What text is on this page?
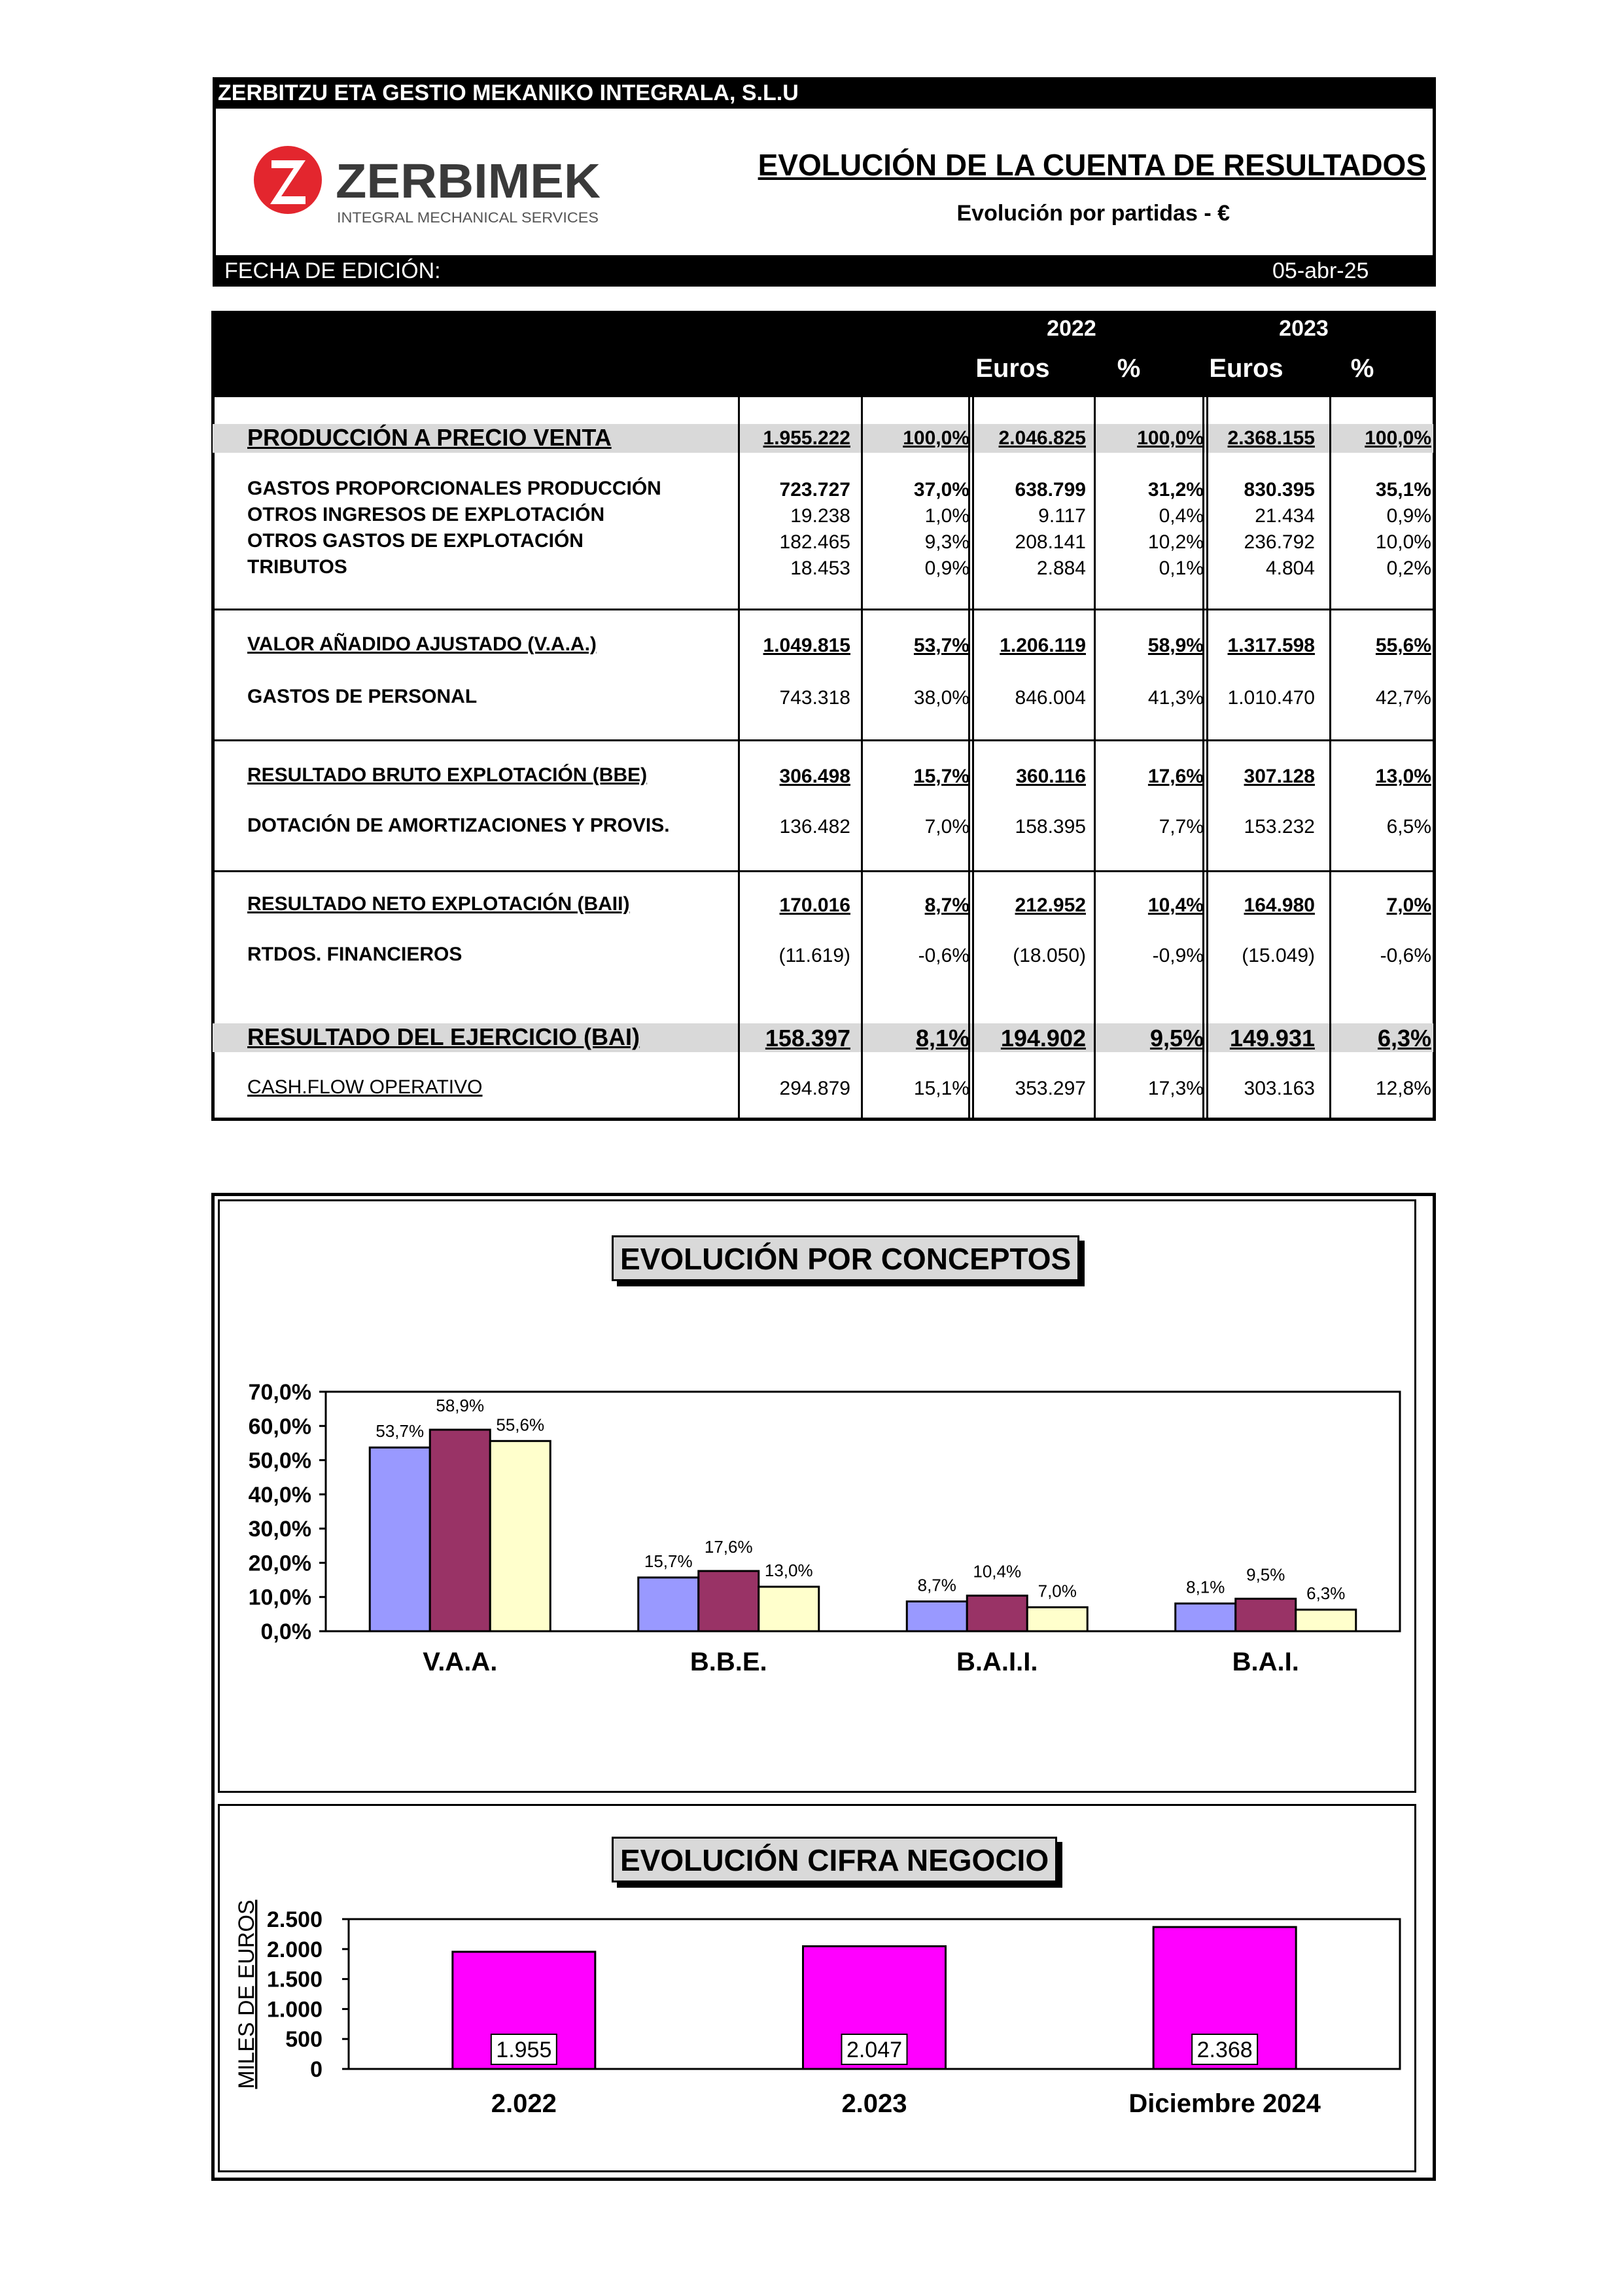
ZERBITZU ETA GESTIO MEKANIKO INTEGRALA, S.L.U
ZERBIMEK
INTEGRAL MECHANICAL SERVICES
EVOLUCIÓN DE LA CUENTA DE RESULTADOS
Evolución por partidas - €
FECHA DE EDICIÓN:	05-abr-25
2022	2023	Diciembre 2024
Euros	%	Euros	%	Euros	%
PRODUCCIÓN A PRECIO VENTA	1.955.222	100,0% 2.046.825	100,0% 2.368.155	100,0%
GASTOS PROPORCIONALES PRODUCCIÓN	723.727	37,0% 638.799	31,2% 830.395	35,1%
OTROS INGRESOS DE EXPLOTACIÓN	19.238	1,0%	9.117	0,4%	21.434	0,9%
OTROS GASTOS DE EXPLOTACIÓN	182.465	9,3% 208.141	10,2% 236.792	10,0%
TRIBUTOS	18.453	0,9%	2.884	0,1%	4.804	0,2%
VALOR AÑADIDO AJUSTADO (V.A.A.)	1.049.815	53,7% 1.206.119	58,9% 1.317.598	55,6%
GASTOS DE PERSONAL	743.318	38,0% 846.004	41,3% 1.010.470	42,7%
RESULTADO BRUTO EXPLOTACIÓN (BBE)	306.498	15,7% 360.116	17,6% 307.128	13,0%
DOTACIÓN DE AMORTIZACIONES Y PROVIS.	136.482	7,0% 158.395	7,7% 153.232	6,5%
RESULTADO NETO EXPLOTACIÓN (BAII)	170.016	8,7% 212.952	10,4% 164.980	7,0%
RTDOS. FINANCIEROS	(11.619)	-0,6% (18.050)	-0,9% (15.049)	-0,6%
RESULTADO DEL EJERCICIO (BAI)	158.397	8,1% 194.902	9,5% 149.931	6,3%
CASH.FLOW OPERATIVO	294.879	15,1% 353.297	17,3% 303.163	12,8%
EVOLUCIÓN POR CONCEPTOS
EVOLUCIÓN CIFRA NEGOCIO
0,0%
10,0%
20,0%
30,0%
40,0%
50,0%
60,0%
70,0%
53,7%
58,9%
55,6%
V.A.A.
15,7%
17,6%
13,0%
B.B.E.
8,7%
10,4%
7,0%
B.A.I.I.
8,1%
9,5%
6,3%
B.A.I.
0
500
1.000
1.500
2.000
2.500
MILES DE EUROS	1.955
2.022
2.047
2.023
2.368
Diciembre 2024
